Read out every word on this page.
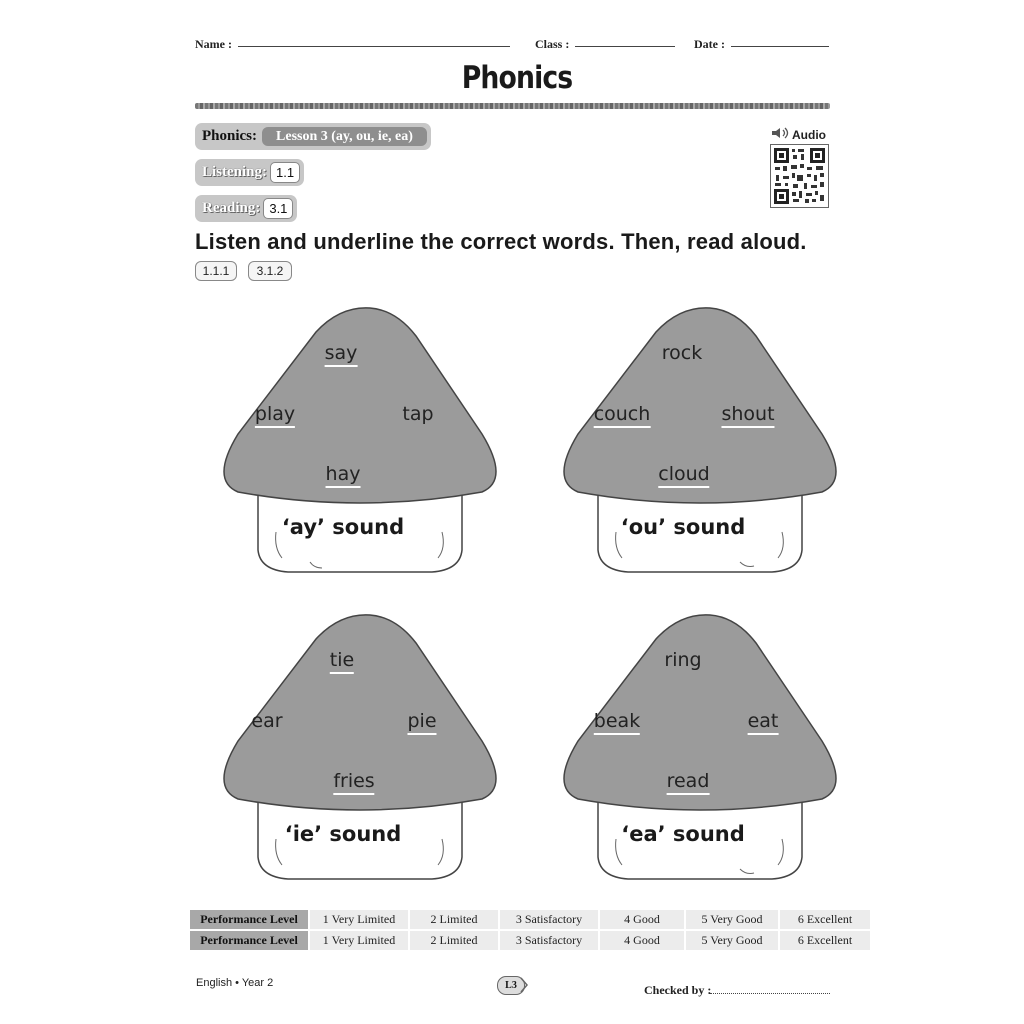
Name :	Class :	Date :
Phonics
Phonics:	Lesson 3 (ay, ou, ie, ea)
Listening: 1.1
Reading: 3.1
Audio
Listen and underline the correct words. Then, read aloud.
1.1.1	3.1.2
say
play	tap
hay
‘ay’ sound
rock
couch	shout
cloud
‘ou’ sound
tie
ear	pie
fries
‘ie’ sound
ring
beak	eat
read
‘ea’ sound
Performance Level	1 Very Limited	2 Limited	3 Satisfactory	4 Good	5 Very Good	6 Excellent
Performance Level	1 Very Limited	2 Limited	3 Satisfactory	4 Good	5 Very Good	6 Excellent
English • Year 2	L3	Checked by :
